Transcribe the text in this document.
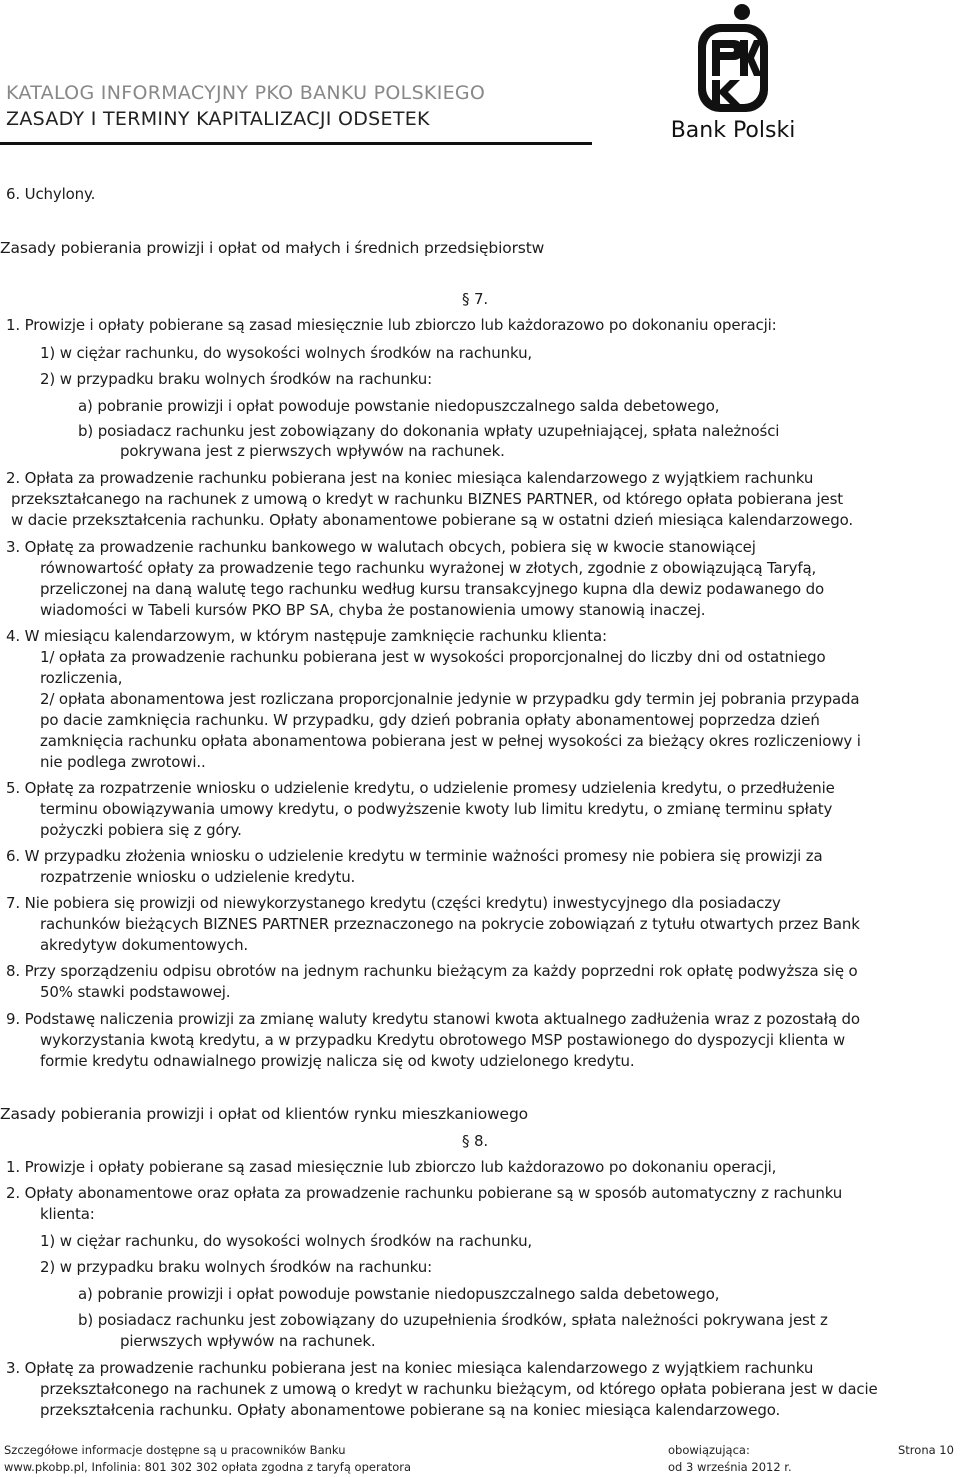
KATALOG INFORMACYJNY PKO BANKU POLSKIEGO
ZASADY I TERMINY KAPITALIZACJI ODSETEK	Bank Polski
6. Uchylony.
Zasady pobierania prowizji i opłat od małych i średnich przedsiębiorstw
§ 7.
1. Prowizje i opłaty pobierane są zasad miesięcznie lub zbiorczo lub każdorazowo po dokonaniu operacji:
1) w ciężar rachunku, do wysokości wolnych środków na rachunku,
2) w przypadku braku wolnych środków na rachunku:
a) pobranie prowizji i opłat powoduje powstanie niedopuszczalnego salda debetowego,
b) posiadacz rachunku jest zobowiązany do dokonania wpłaty uzupełniającej, spłata należności
pokrywana jest z pierwszych wpływów na rachunek.
2. Opłata za prowadzenie rachunku pobierana jest na koniec miesiąca kalendarzowego z wyjątkiem rachunku
przekształcanego na rachunek z umową o kredyt w rachunku BIZNES PARTNER, od którego opłata pobierana jest
w dacie przekształcenia rachunku. Opłaty abonamentowe pobierane są w ostatni dzień miesiąca kalendarzowego.
3. Opłatę za prowadzenie rachunku bankowego w walutach obcych, pobiera się w kwocie stanowiącej
równowartość opłaty za prowadzenie tego rachunku wyrażonej w złotych, zgodnie z obowiązującą Taryfą,
przeliczonej na daną walutę tego rachunku według kursu transakcyjnego kupna dla dewiz podawanego do
wiadomości w Tabeli kursów PKO BP SA, chyba że postanowienia umowy stanowią inaczej.
4. W miesiącu kalendarzowym, w którym następuje zamknięcie rachunku klienta:
1/ opłata za prowadzenie rachunku pobierana jest w wysokości proporcjonalnej do liczby dni od ostatniego
rozliczenia,
2/ opłata abonamentowa jest rozliczana proporcjonalnie jedynie w przypadku gdy termin jej pobrania przypada
po dacie zamknięcia rachunku. W przypadku, gdy dzień pobrania opłaty abonamentowej poprzedza dzień
zamknięcia rachunku opłata abonamentowa pobierana jest w pełnej wysokości za bieżący okres rozliczeniowy i
nie podlega zwrotowi..
5. Opłatę za rozpatrzenie wniosku o udzielenie kredytu, o udzielenie promesy udzielenia kredytu, o przedłużenie
terminu obowiązywania umowy kredytu, o podwyższenie kwoty lub limitu kredytu, o zmianę terminu spłaty
pożyczki pobiera się z góry.
6. W przypadku złożenia wniosku o udzielenie kredytu w terminie ważności promesy nie pobiera się prowizji za
rozpatrzenie wniosku o udzielenie kredytu.
7. Nie pobiera się prowizji od niewykorzystanego kredytu (części kredytu) inwestycyjnego dla posiadaczy
rachunków bieżących BIZNES PARTNER przeznaczonego na pokrycie zobowiązań z tytułu otwartych przez Bank
akredytyw dokumentowych.
8. Przy sporządzeniu odpisu obrotów na jednym rachunku bieżącym za każdy poprzedni rok opłatę podwyższa się o
50% stawki podstawowej.
9. Podstawę naliczenia prowizji za zmianę waluty kredytu stanowi kwota aktualnego zadłużenia wraz z pozostałą do
wykorzystania kwotą kredytu, a w przypadku Kredytu obrotowego MSP postawionego do dyspozycji klienta w
formie kredytu odnawialnego prowizję nalicza się od kwoty udzielonego kredytu.
Zasady pobierania prowizji i opłat od klientów rynku mieszkaniowego
§ 8.
1. Prowizje i opłaty pobierane są zasad miesięcznie lub zbiorczo lub każdorazowo po dokonaniu operacji,
2. Opłaty abonamentowe oraz opłata za prowadzenie rachunku pobierane są w sposób automatyczny z rachunku
klienta:
1) w ciężar rachunku, do wysokości wolnych środków na rachunku,
2) w przypadku braku wolnych środków na rachunku:
a) pobranie prowizji i opłat powoduje powstanie niedopuszczalnego salda debetowego,
b) posiadacz rachunku jest zobowiązany do uzupełnienia środków, spłata należności pokrywana jest z
pierwszych wpływów na rachunek.
3. Opłatę za prowadzenie rachunku pobierana jest na koniec miesiąca kalendarzowego z wyjątkiem rachunku
przekształconego na rachunek z umową o kredyt w rachunku bieżącym, od którego opłata pobierana jest w dacie
przekształcenia rachunku. Opłaty abonamentowe pobierane są na koniec miesiąca kalendarzowego.
Szczegółowe informacje dostępne są u pracowników Banku
www.pkobp.pl, Infolinia: 801 302 302 opłata zgodna z taryfą operatora
obowiązująca:
od 3 września 2012 r.
Strona 10
